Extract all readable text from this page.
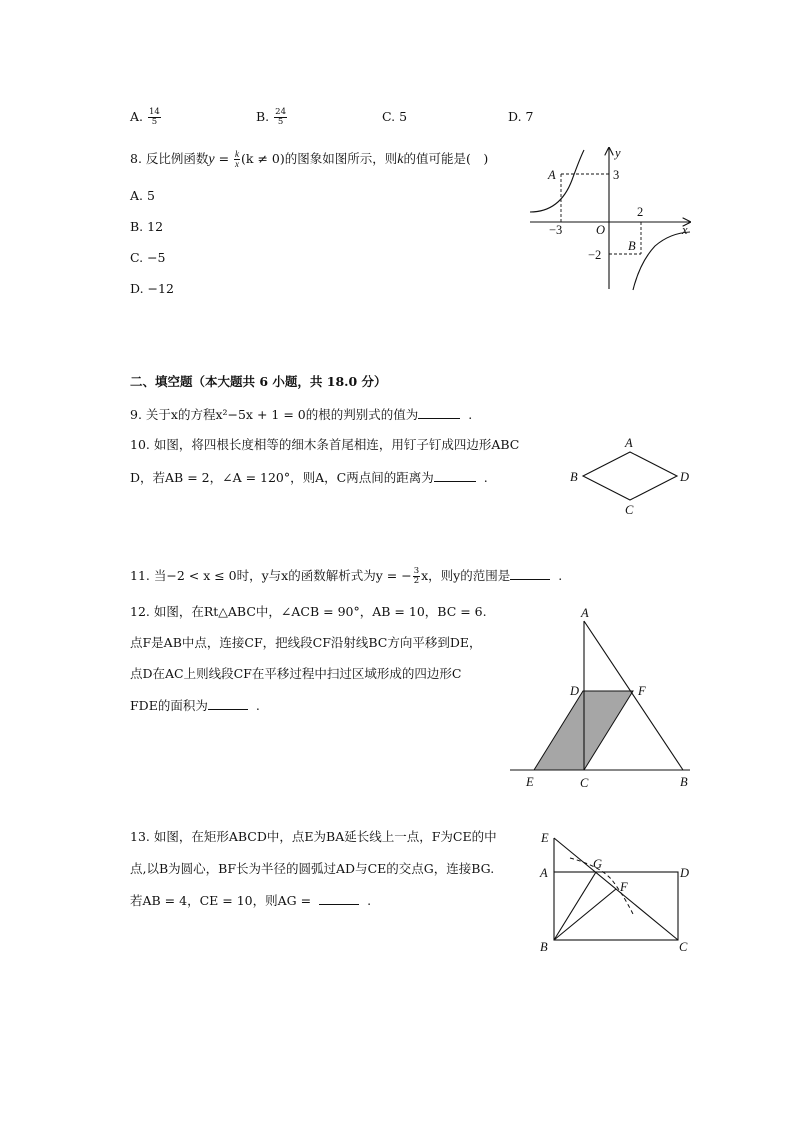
A. $\frac{14}{5}$	B. $\frac{24}{5}$	C. 5	D. 7
8. 反比例函数$y = \frac{k}{x} (k \ne 0)$的图象如图所示，则k的值可能是(　)
A. 5
B. 12
C. −5
D. −12
y
x
O
A
B
3
−3
2
−2
二、填空题（本大题共 6 小题，共 18.0 分）
9. 关于x的方程x²−5x + 1 = 0的根的判别式的值为	.
10. 如图，将四根长度相等的细木条首尾相连，用钉子钉成四边形ABC
D，若AB = 2，∠A = 120°，则A，C两点间的距离为	.
A
B
C
D
11. 当−2 < x ≤ 0时，y与x的函数解析式为y = − $\frac{3}{2}$ x，则y的范围是	.
12. 如图，在Rt△ABC中，∠ACB = 90°，AB = 10，BC = 6.
点F是AB中点，连接CF，把线段CF沿射线BC方向平移到DE，
点D在AC上则线段CF在平移过程中扫过区域形成的四边形C
FDE的面积为	.
A
D	F
E	C	B
13. 如图，在矩形ABCD中，点E为BA延长线上一点，F为CE的中
点,以B为圆心，BF长为半径的圆弧过AD与CE的交点G，连接BG.
若AB = 4，CE = 10，则AG =	.
E
A
B
G
F
D
C
